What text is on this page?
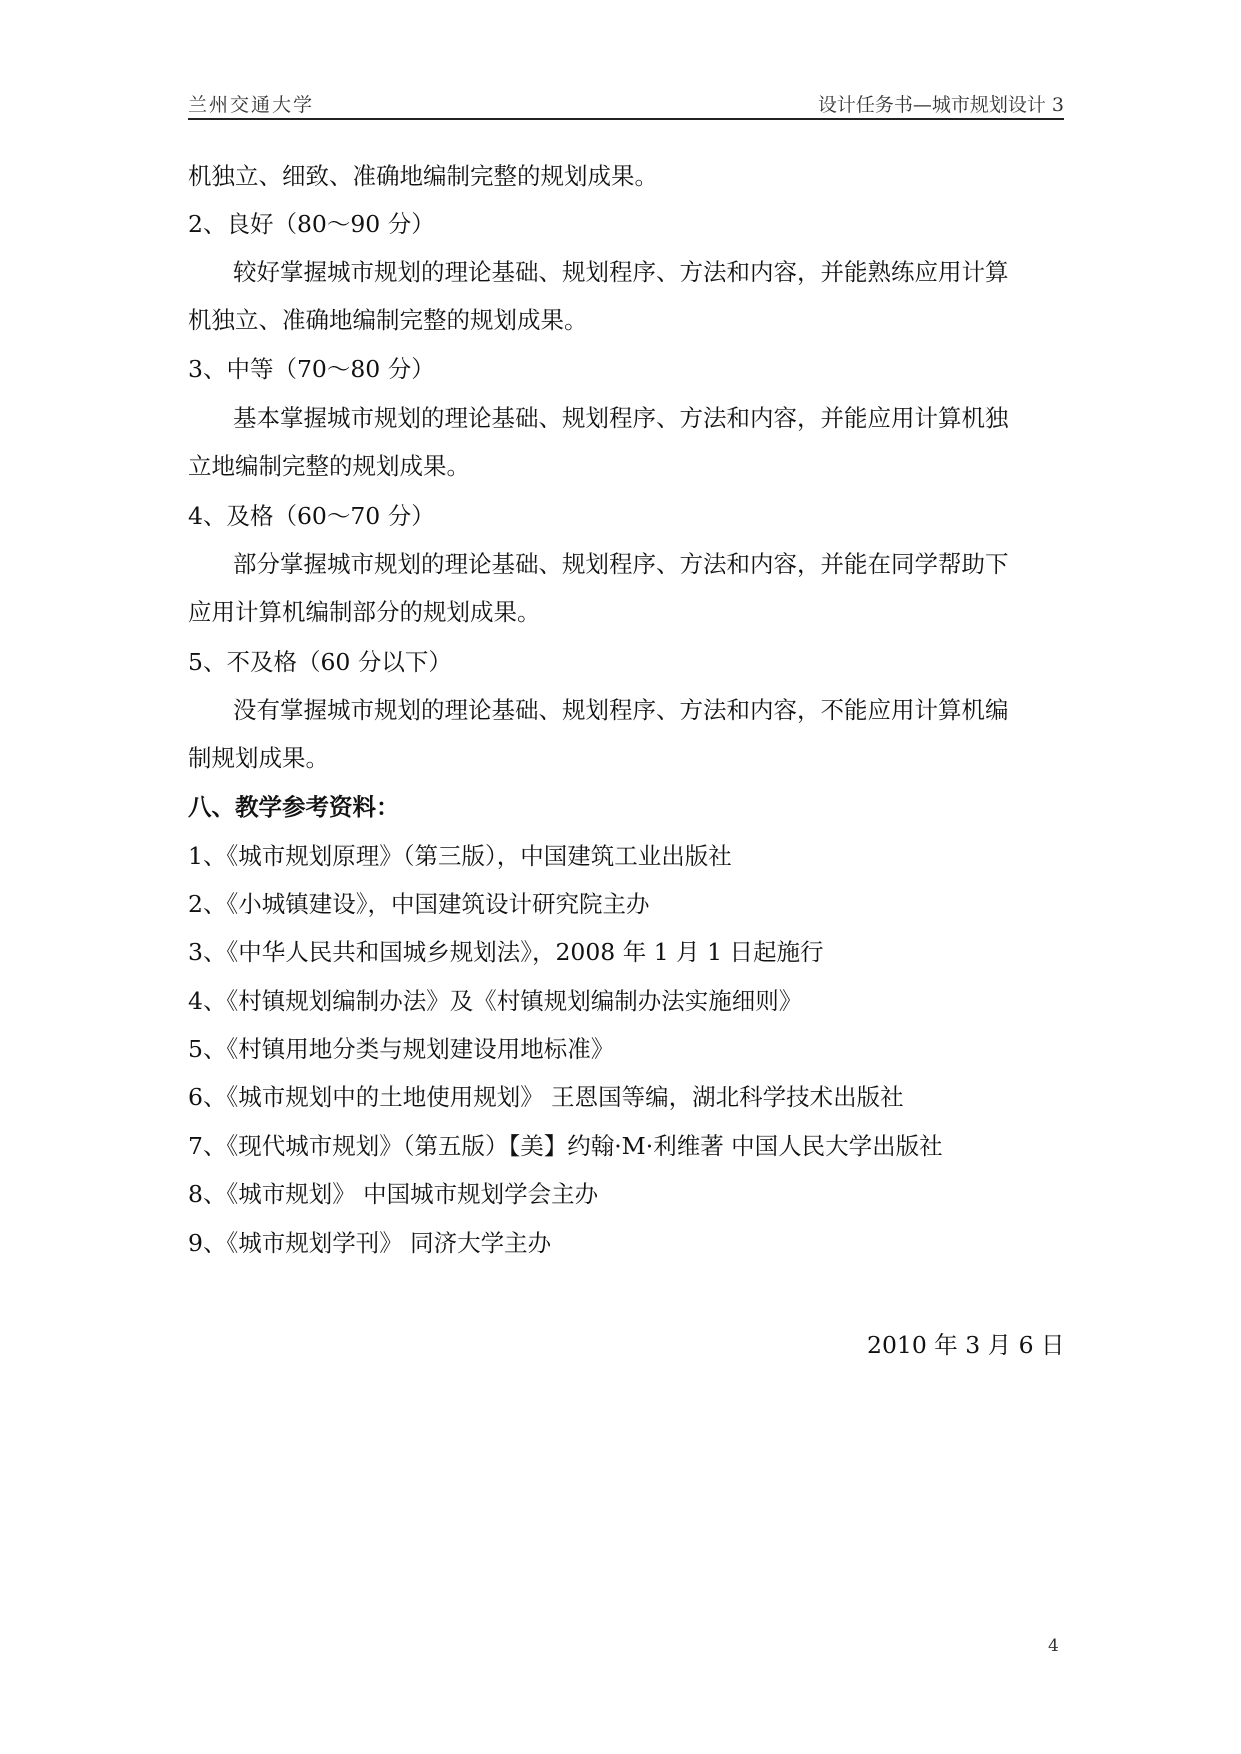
兰州交通大学	设计任务书—城市规划设计 3
机独立、细致、准确地编制完整的规划成果。
2、良好（80～90 分）
较好掌握城市规划的理论基础、规划程序、方法和内容，并能熟练应用计算
机独立、准确地编制完整的规划成果。
3、中等（70～80 分）
基本掌握城市规划的理论基础、规划程序、方法和内容，并能应用计算机独
立地编制完整的规划成果。
4、及格（60～70 分）
部分掌握城市规划的理论基础、规划程序、方法和内容，并能在同学帮助下
应用计算机编制部分的规划成果。
5、不及格（60 分以下）
没有掌握城市规划的理论基础、规划程序、方法和内容，不能应用计算机编
制规划成果。
八、教学参考资料：
1、《城市规划原理》（第三版），中国建筑工业出版社
2、《小城镇建设》，中国建筑设计研究院主办
3、《中华人民共和国城乡规划法》，2008 年 1 月 1 日起施行
4、《村镇规划编制办法》及《村镇规划编制办法实施细则》
5、《村镇用地分类与规划建设用地标准》
6、《城市规划中的土地使用规划》 王恩国等编，湖北科学技术出版社
7、《现代城市规划》（第五版）【美】约翰·M·利维著 中国人民大学出版社
8、《城市规划》 中国城市规划学会主办
9、《城市规划学刊》 同济大学主办
2010 年 3 月 6 日
4
